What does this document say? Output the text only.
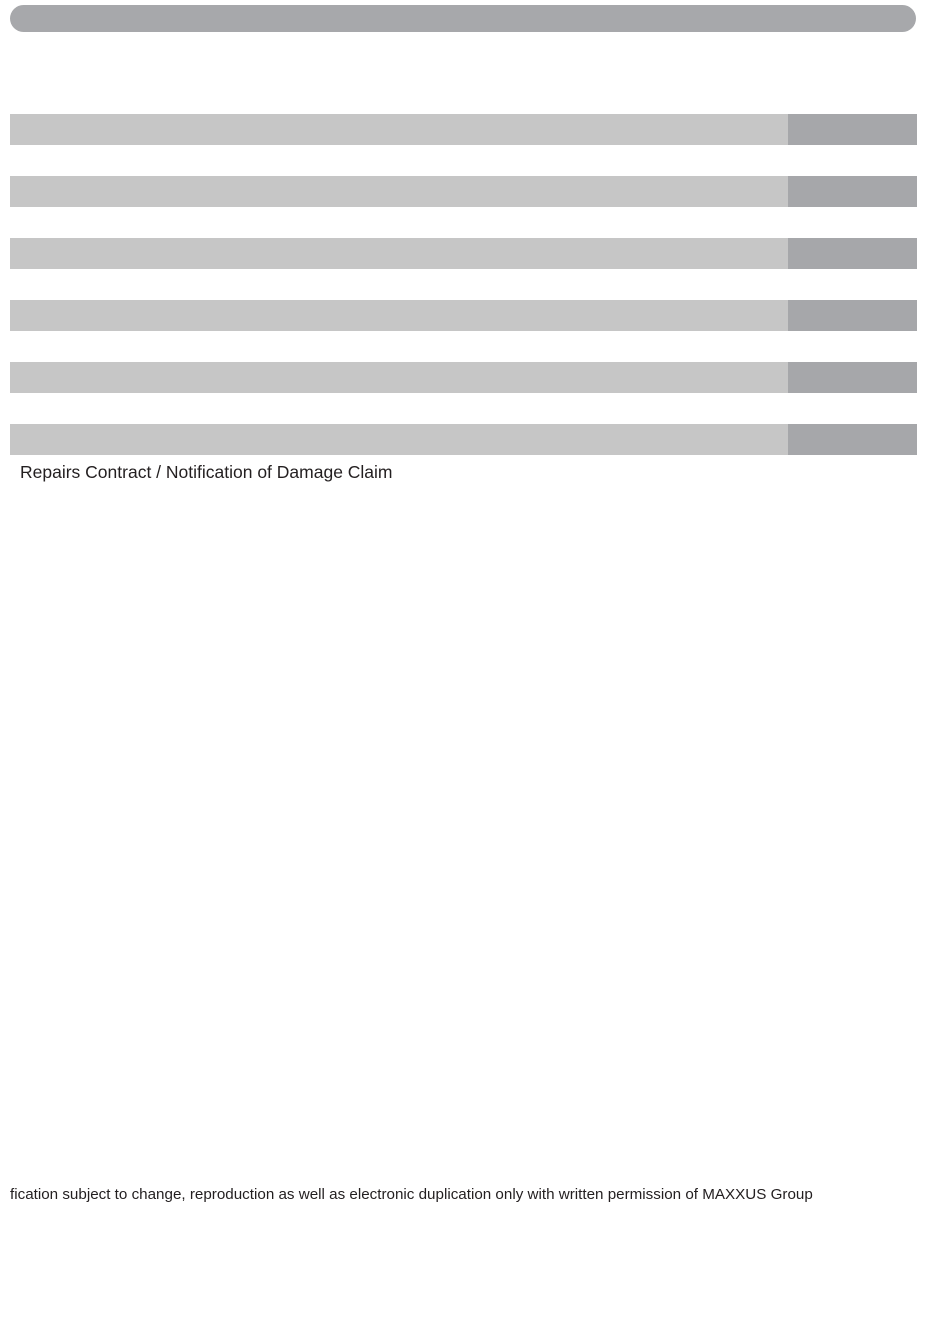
Repairs Contract / Notification of Damage Claim
fication subject to change, reproduction as well as electronic duplication only with written permission of MAXXUS Group
